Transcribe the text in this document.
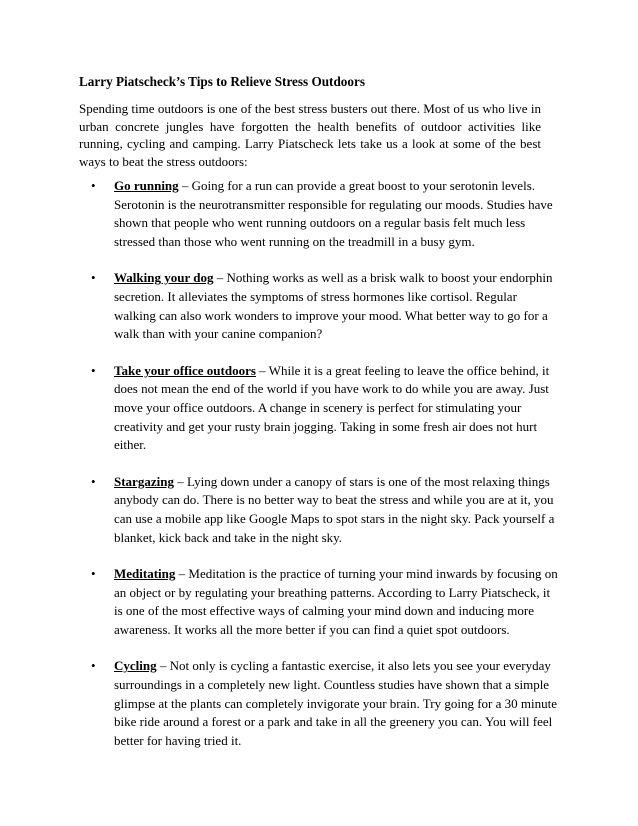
Larry Piatscheck’s Tips to Relieve Stress Outdoors

Spending time outdoors is one of the best stress busters out there. Most of us who live in urban concrete jungles have forgotten the health benefits of outdoor activities like running, cycling and camping. Larry Piatscheck lets take us a look at some of the best ways to beat the stress outdoors:

• Go running – Going for a run can provide a great boost to your serotonin levels. Serotonin is the neurotransmitter responsible for regulating our moods. Studies have shown that people who went running outdoors on a regular basis felt much less stressed than those who went running on the treadmill in a busy gym.
• Walking your dog – Nothing works as well as a brisk walk to boost your endorphin secretion. It alleviates the symptoms of stress hormones like cortisol. Regular walking can also work wonders to improve your mood. What better way to go for a walk than with your canine companion?
• Take your office outdoors – While it is a great feeling to leave the office behind, it does not mean the end of the world if you have work to do while you are away. Just move your office outdoors. A change in scenery is perfect for stimulating your creativity and get your rusty brain jogging. Taking in some fresh air does not hurt either.
• Stargazing – Lying down under a canopy of stars is one of the most relaxing things anybody can do. There is no better way to beat the stress and while you are at it, you can use a mobile app like Google Maps to spot stars in the night sky. Pack yourself a blanket, kick back and take in the night sky.
• Meditating – Meditation is the practice of turning your mind inwards by focusing on an object or by regulating your breathing patterns. According to Larry Piatscheck, it is one of the most effective ways of calming your mind down and inducing more awareness. It works all the more better if you can find a quiet spot outdoors.
• Cycling – Not only is cycling a fantastic exercise, it also lets you see your everyday surroundings in a completely new light. Countless studies have shown that a simple glimpse at the plants can completely invigorate your brain. Try going for a 30 minute bike ride around a forest or a park and take in all the greenery you can. You will feel better for having tried it.
